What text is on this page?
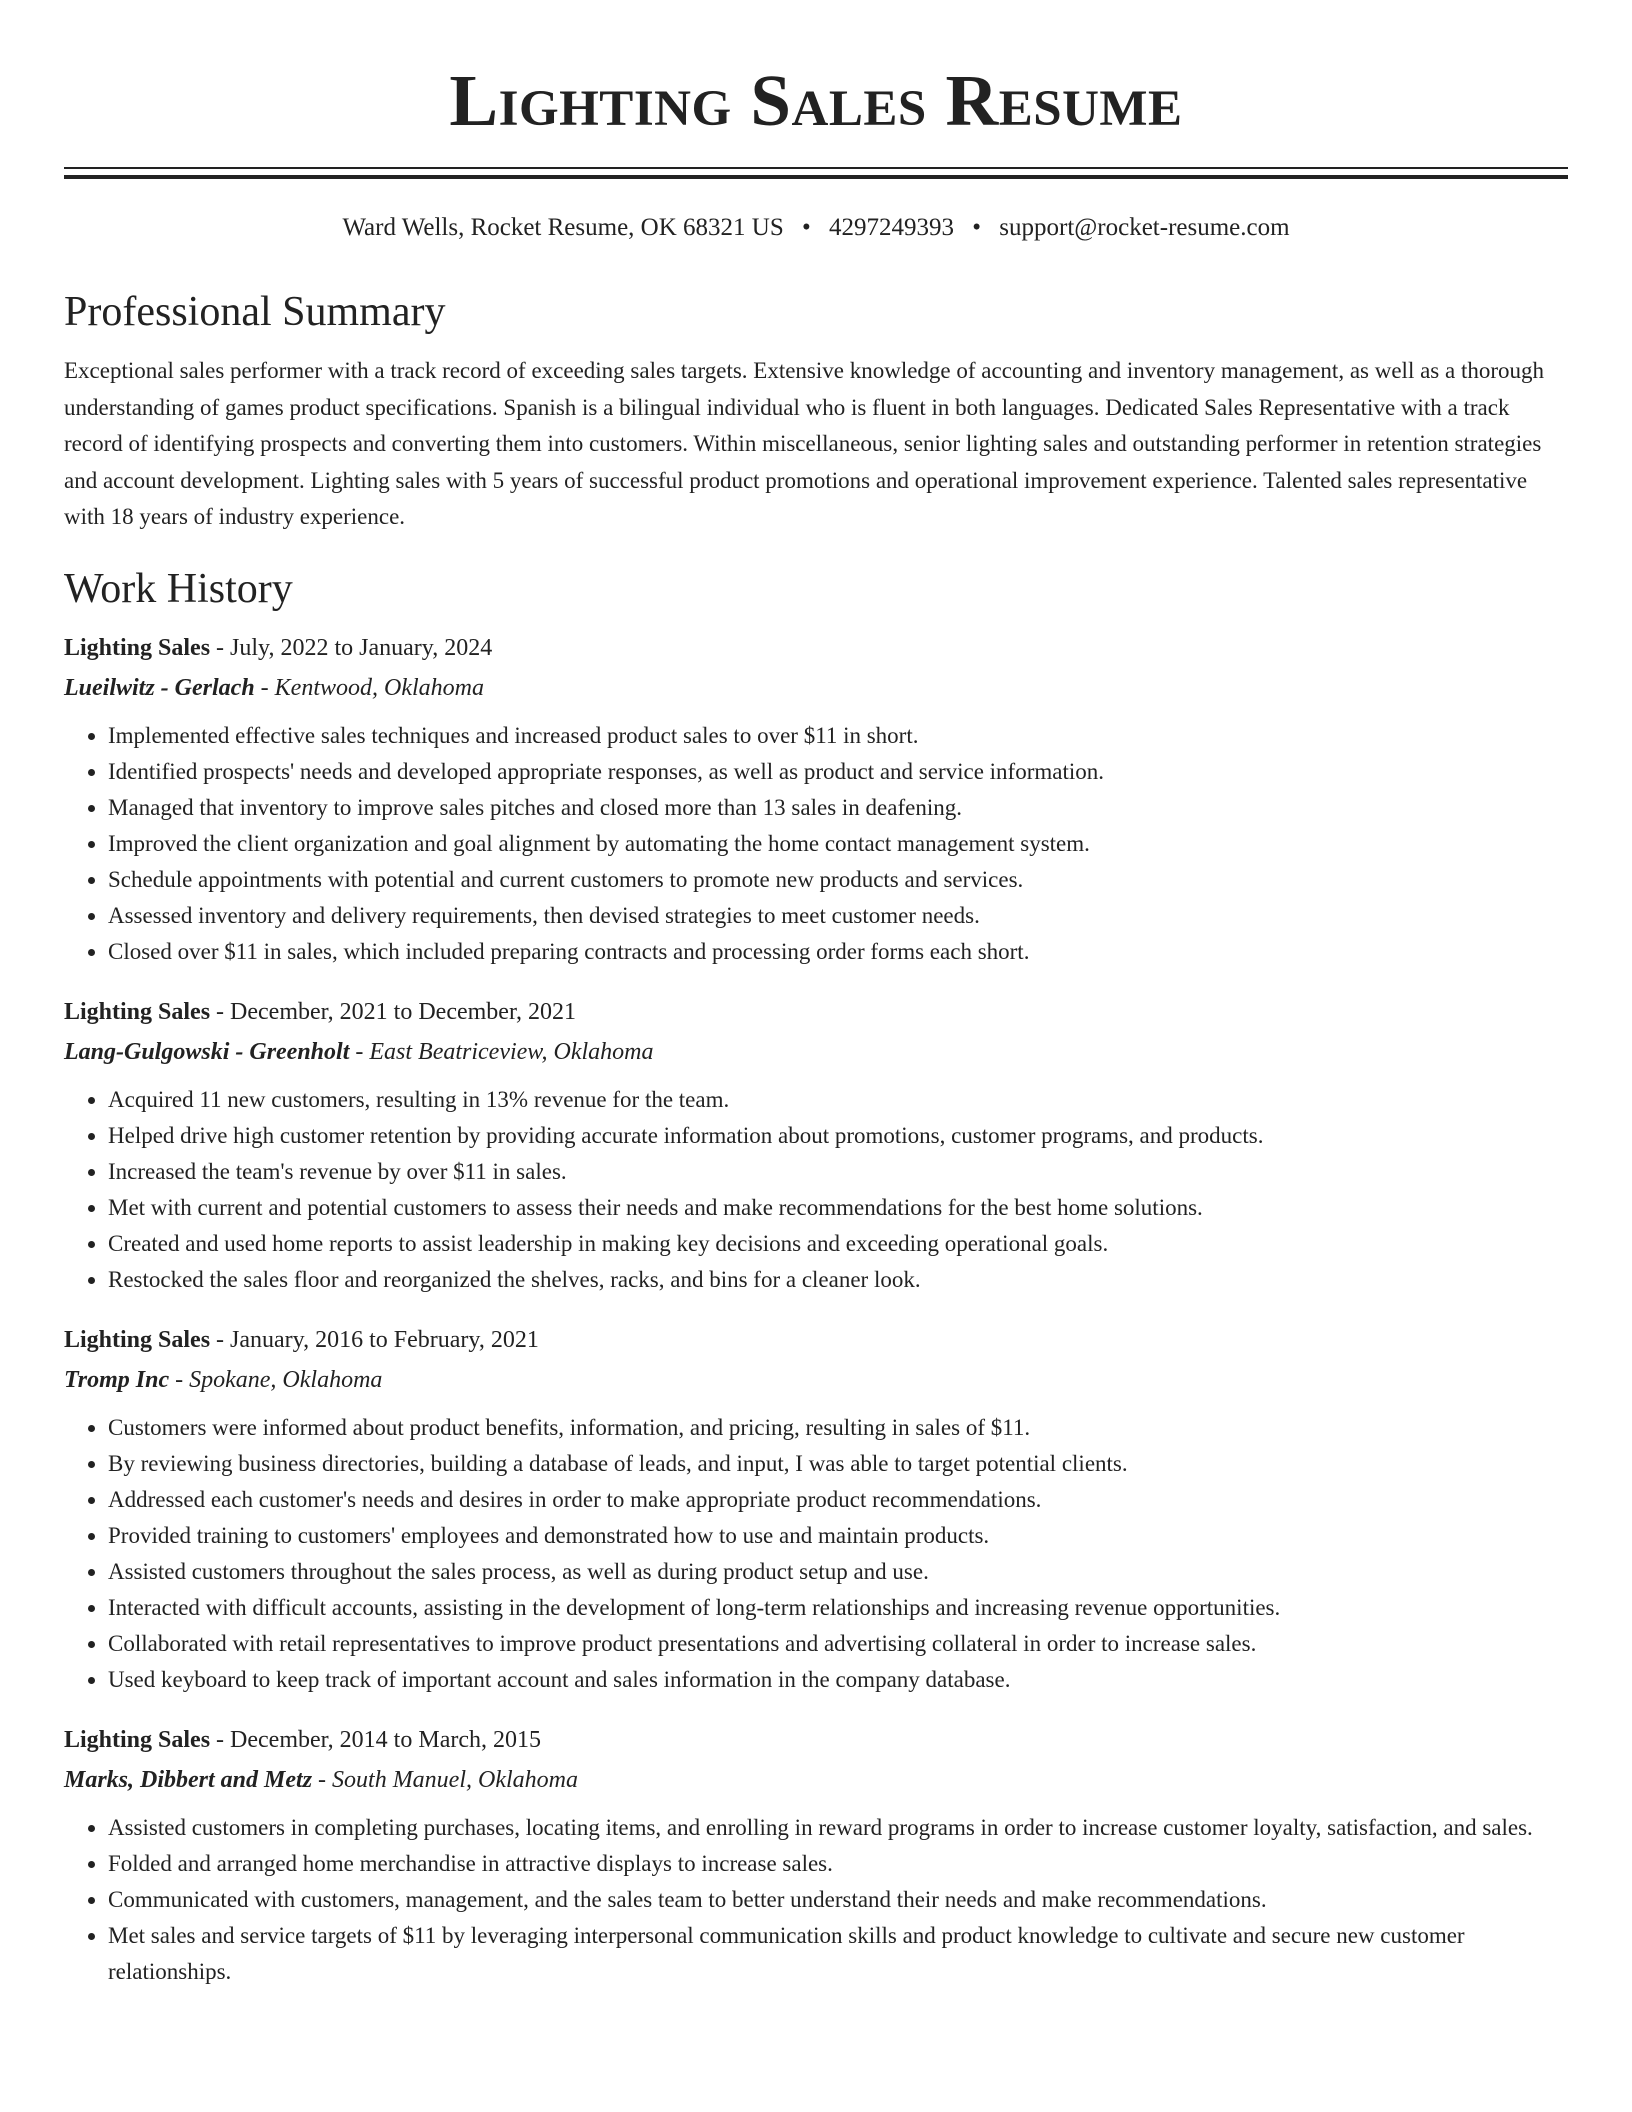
Lighting Sales Resume
Ward Wells, Rocket Resume, OK 68321 US • 4297249393 • support@rocket-resume.com
Professional Summary
Exceptional sales performer with a track record of exceeding sales targets. Extensive knowledge of accounting and inventory management, as well as a thorough understanding of games product specifications. Spanish is a bilingual individual who is fluent in both languages. Dedicated Sales Representative with a track record of identifying prospects and converting them into customers. Within miscellaneous, senior lighting sales and outstanding performer in retention strategies and account development. Lighting sales with 5 years of successful product promotions and operational improvement experience. Talented sales representative with 18 years of industry experience.
Work History
Lighting Sales - July, 2022 to January, 2024
Lueilwitz - Gerlach - Kentwood, Oklahoma
• Implemented effective sales techniques and increased product sales to over $11 in short.
• Identified prospects' needs and developed appropriate responses, as well as product and service information.
• Managed that inventory to improve sales pitches and closed more than 13 sales in deafening.
• Improved the client organization and goal alignment by automating the home contact management system.
• Schedule appointments with potential and current customers to promote new products and services.
• Assessed inventory and delivery requirements, then devised strategies to meet customer needs.
• Closed over $11 in sales, which included preparing contracts and processing order forms each short.
Lighting Sales - December, 2021 to December, 2021
Lang-Gulgowski - Greenholt - East Beatriceview, Oklahoma
• Acquired 11 new customers, resulting in 13% revenue for the team.
• Helped drive high customer retention by providing accurate information about promotions, customer programs, and products.
• Increased the team's revenue by over $11 in sales.
• Met with current and potential customers to assess their needs and make recommendations for the best home solutions.
• Created and used home reports to assist leadership in making key decisions and exceeding operational goals.
• Restocked the sales floor and reorganized the shelves, racks, and bins for a cleaner look.
Lighting Sales - January, 2016 to February, 2021
Tromp Inc - Spokane, Oklahoma
• Customers were informed about product benefits, information, and pricing, resulting in sales of $11.
• By reviewing business directories, building a database of leads, and input, I was able to target potential clients.
• Addressed each customer's needs and desires in order to make appropriate product recommendations.
• Provided training to customers' employees and demonstrated how to use and maintain products.
• Assisted customers throughout the sales process, as well as during product setup and use.
• Interacted with difficult accounts, assisting in the development of long-term relationships and increasing revenue opportunities.
• Collaborated with retail representatives to improve product presentations and advertising collateral in order to increase sales.
• Used keyboard to keep track of important account and sales information in the company database.
Lighting Sales - December, 2014 to March, 2015
Marks, Dibbert and Metz - South Manuel, Oklahoma
• Assisted customers in completing purchases, locating items, and enrolling in reward programs in order to increase customer loyalty, satisfaction, and sales.
• Folded and arranged home merchandise in attractive displays to increase sales.
• Communicated with customers, management, and the sales team to better understand their needs and make recommendations.
• Met sales and service targets of $11 by leveraging interpersonal communication skills and product knowledge to cultivate and secure new customer relationships.
